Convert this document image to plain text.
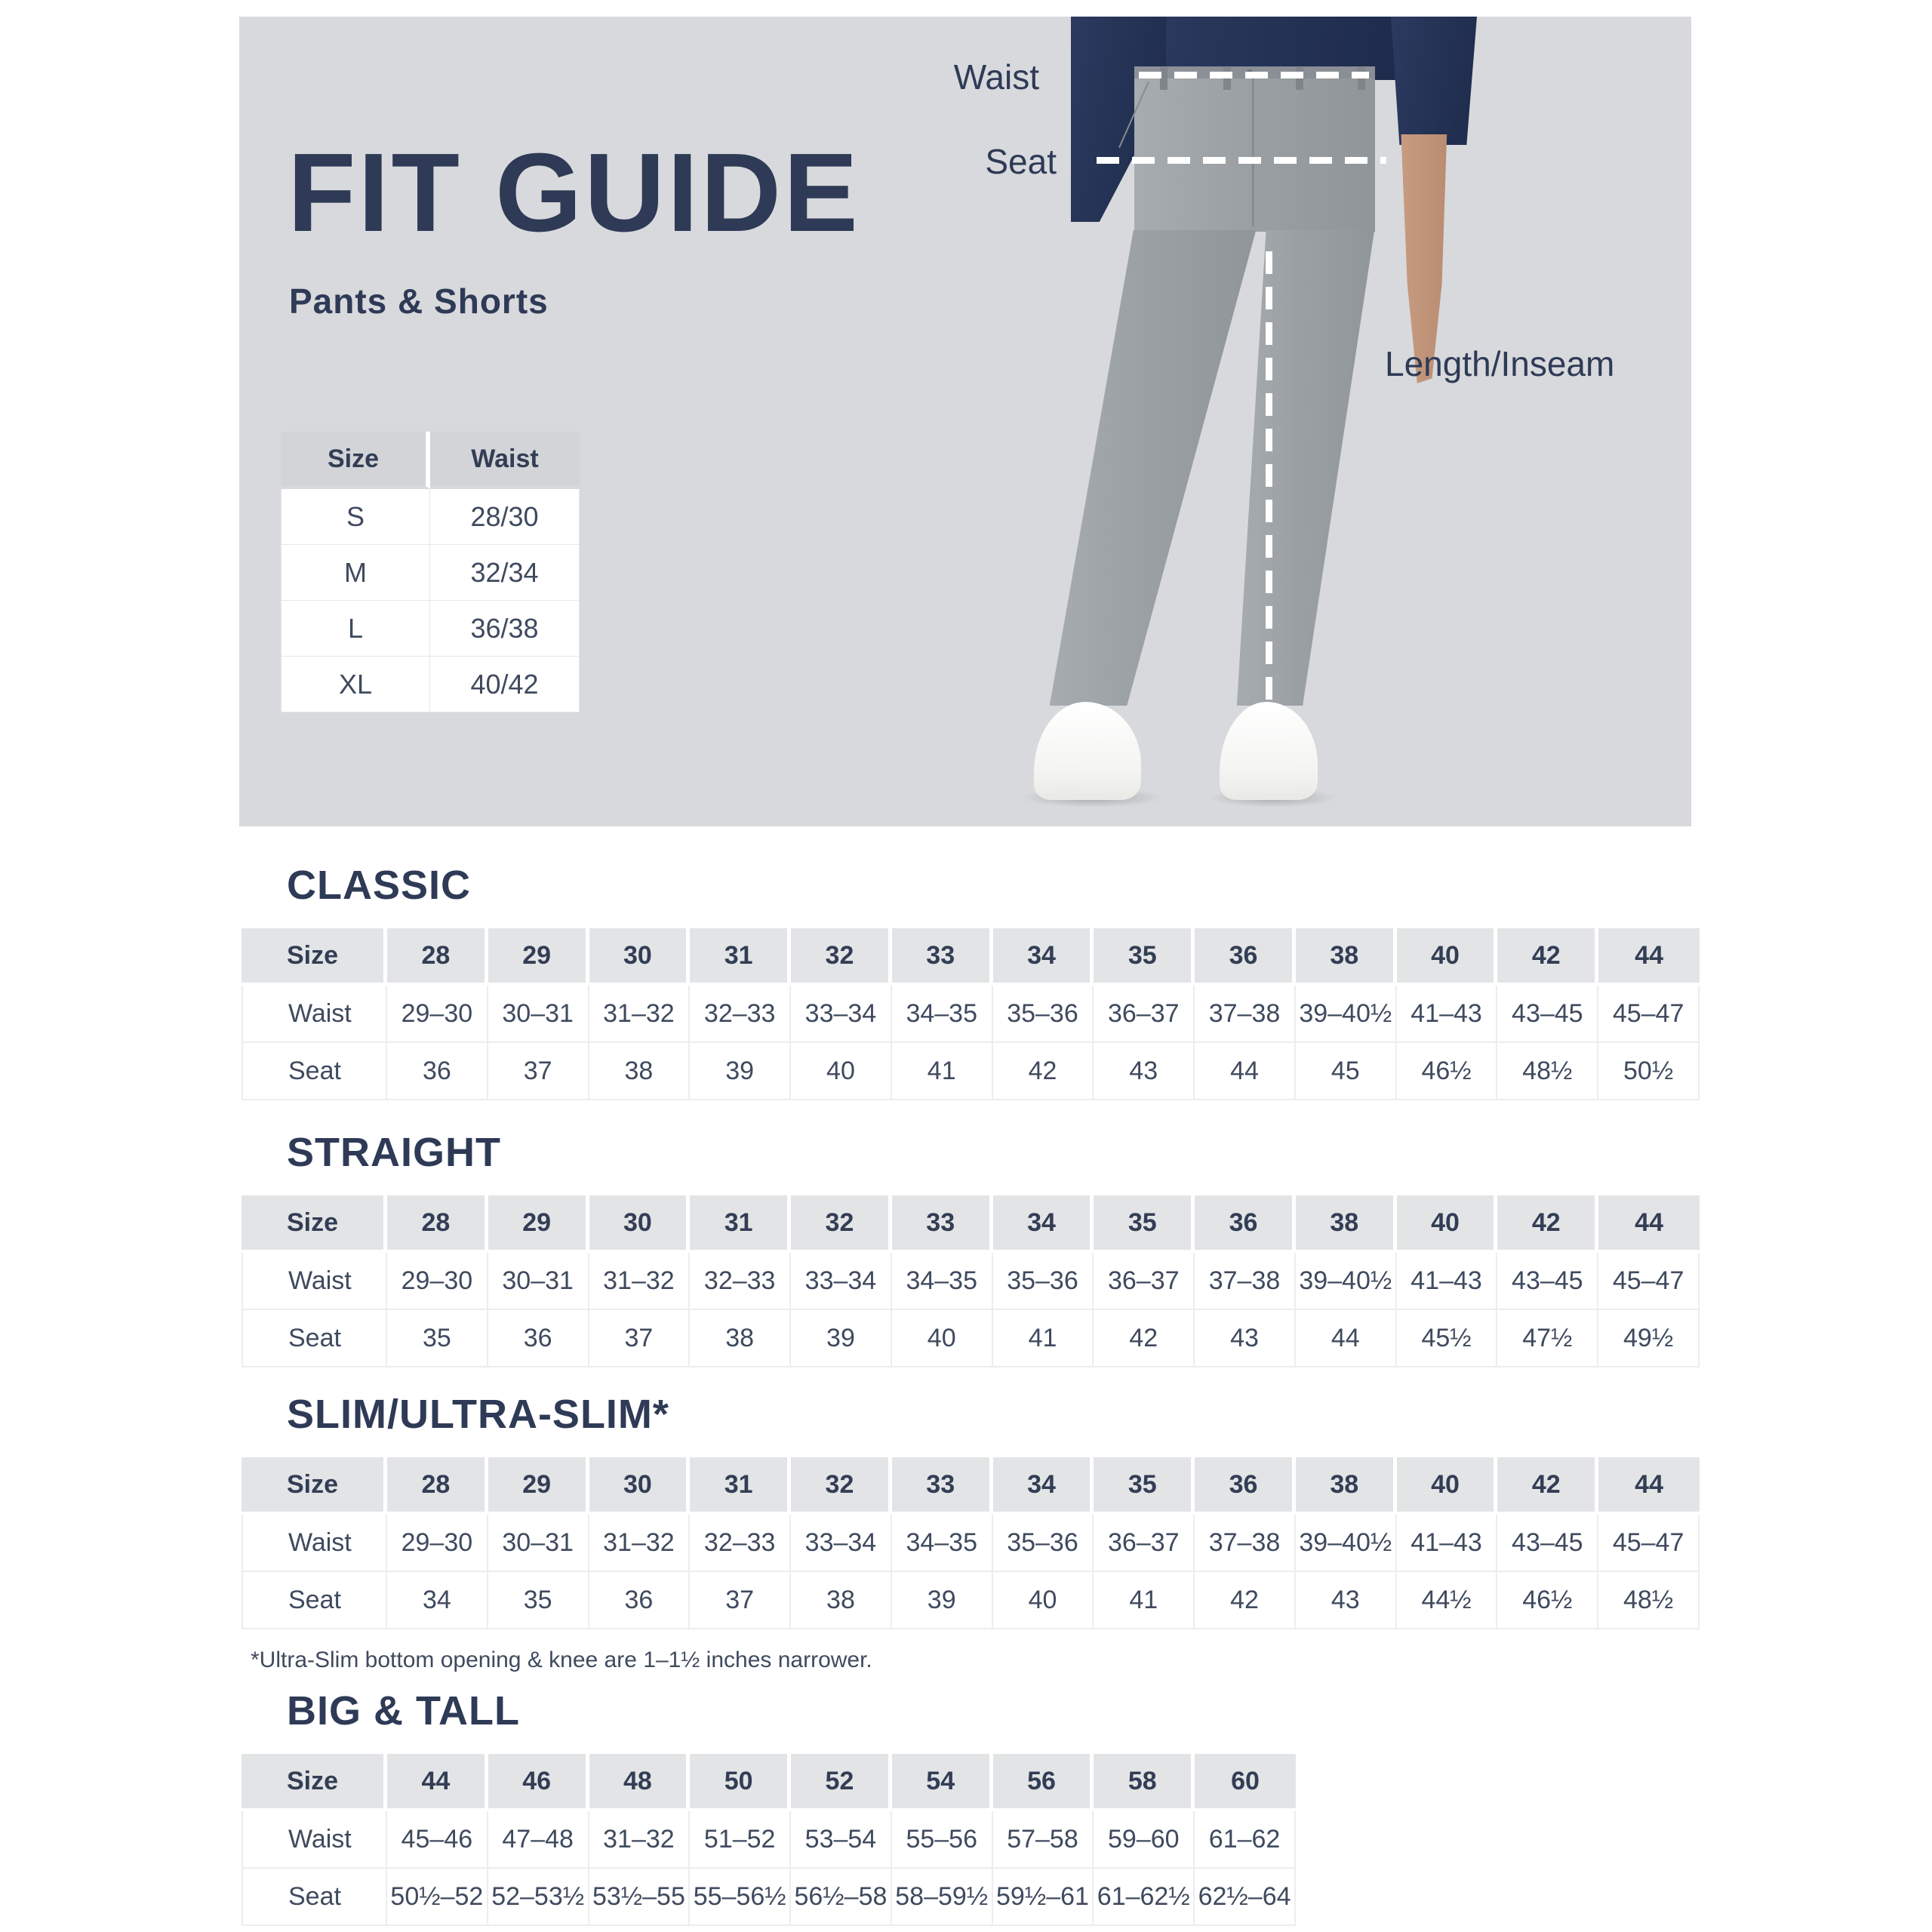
FIT GUIDE
Pants & Shorts
Size	Waist
S	28/30
M	32/34
L	36/38
XL	40/42
Waist
Seat
Length/Inseam
CLASSIC
Size	28	29	30	31	32	33	34	35	36	38	40	42	44
Waist	29–30	30–31	31–32	32–33	33–34	34–35	35–36	36–37	37–38	39–40½	41–43	43–45	45–47
Seat	36	37	38	39	40	41	42	43	44	45	46½	48½	50½
STRAIGHT
Size	28	29	30	31	32	33	34	35	36	38	40	42	44
Waist	29–30	30–31	31–32	32–33	33–34	34–35	35–36	36–37	37–38	39–40½	41–43	43–45	45–47
Seat	35	36	37	38	39	40	41	42	43	44	45½	47½	49½
SLIM/ULTRA-SLIM*
Size	28	29	30	31	32	33	34	35	36	38	40	42	44
Waist	29–30	30–31	31–32	32–33	33–34	34–35	35–36	36–37	37–38	39–40½	41–43	43–45	45–47
Seat	34	35	36	37	38	39	40	41	42	43	44½	46½	48½

*Ultra-Slim bottom opening & knee are 1–1½ inches narrower.

BIG & TALL
Size	44	46	48	50	52	54	56	58	60
Waist	45–46	47–48	31–32	51–52	53–54	55–56	57–58	59–60	61–62
Seat	50½–52	52–53½	53½–55	55–56½	56½–58	58–59½	59½–61	61–62½	62½–64
